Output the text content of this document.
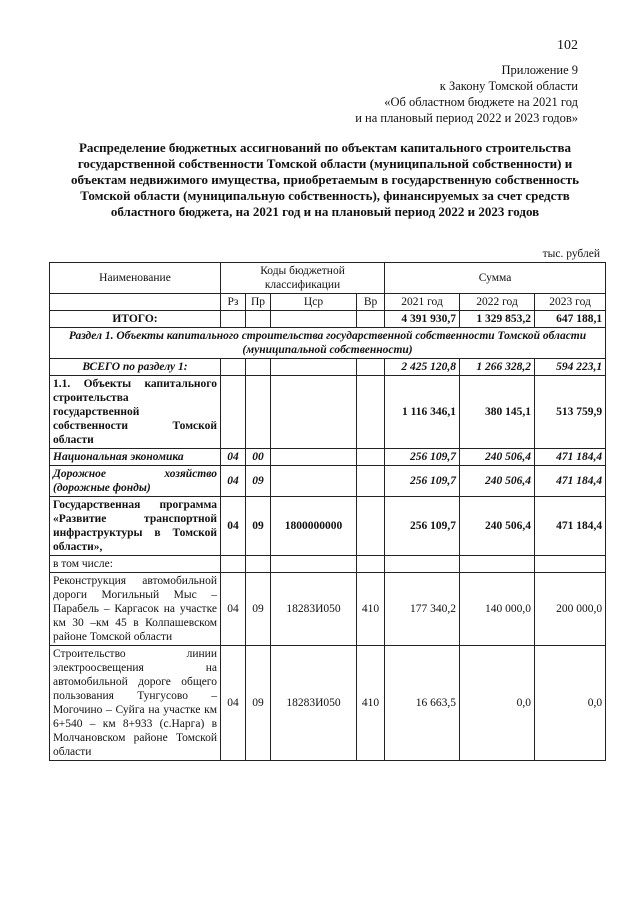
102
Приложение 9
к Закону Томской области
«Об областном бюджете на 2021 год
и на плановый период 2022 и 2023 годов»
Распределение бюджетных ассигнований по объектам капитального строительства государственной собственности Томской области (муниципальной собственности) и объектам недвижимого имущества, приобретаемым в государственную собственность Томской области (муниципальную собственность), финансируемых за счет средств областного бюджета, на 2021 год и на плановый период 2022 и 2023 годов
тыс. рублей
Наименование	Коды бюджетной классификации				Сумма		

	Рз	Пр	Цср	Вр	2021 год	2022 год	2023 год
ИТОГО:					4 391 930,7	1 329 853,2	647 188,1
Раздел 1. Объекты капитального строительства государственной собственности Томской области (муниципальной собственности)							
ВСЕГО по разделу 1:					2 425 120,8	1 266 328,2	594 223,1
1.1. Объекты капитального строительства государственной собственности Томской области					1 116 346,1	380 145,1	513 759,9
Национальная экономика	04	00			256 109,7	240 506,4	471 184,4
Дорожное хозяйство (дорожные фонды)	04	09			256 109,7	240 506,4	471 184,4
Государственная программа «Развитие транспортной инфраструктуры в Томской области»,	04	09	1800000000		256 109,7	240 506,4	471 184,4
в том числе:							
Реконструкция автомобильной дороги Могильный Мыс – Парабель – Каргасок на участке км 30 –км 45 в Колпашевском районе Томской области	04	09	18283И050	410	177 340,2	140 000,0	200 000,0
Строительство линии электроосвещения на автомобильной дороге общего пользования Тунгусово – Могочино – Суйга на участке км 6+540 – км 8+933 (с.Нарга) в Молчановском районе Томской области	04	09	18283И050	410	16 663,5	0,0	0,0
